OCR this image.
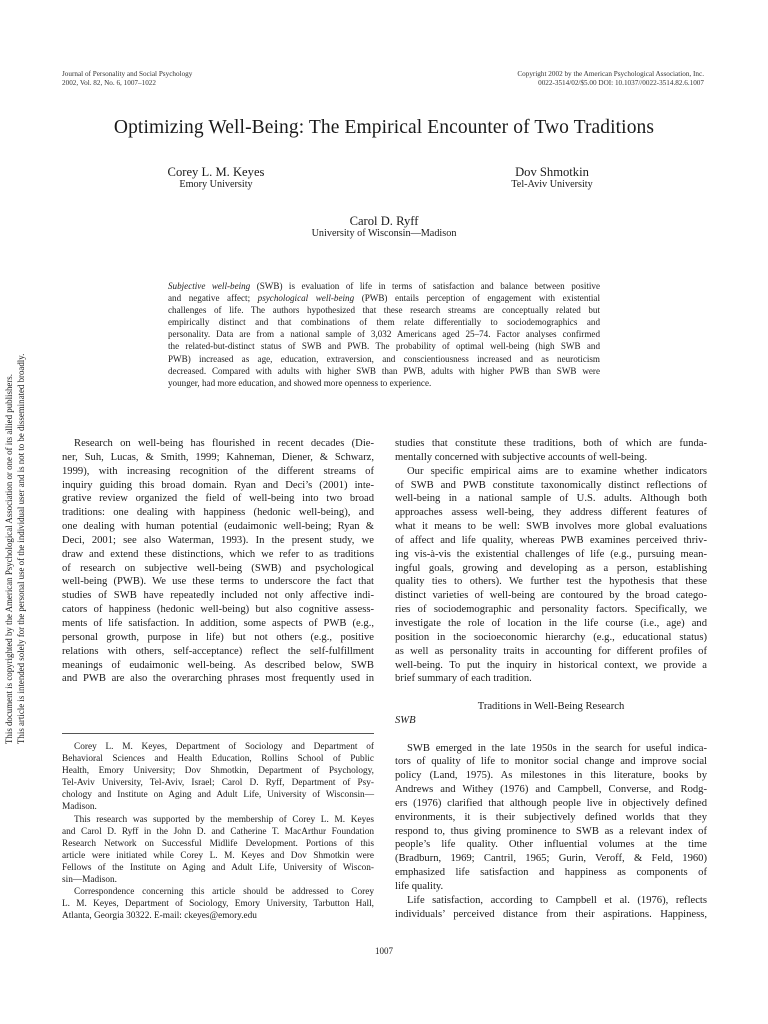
Journal of Personality and Social Psychology
2002, Vol. 82, No. 6, 1007–1022
Copyright 2002 by the American Psychological Association, Inc.
0022-3514/02/$5.00 DOI: 10.1037//0022-3514.82.6.1007
Optimizing Well-Being: The Empirical Encounter of Two Traditions
Corey L. M. Keyes
Emory University
Dov Shmotkin
Tel-Aviv University
Carol D. Ryff
University of Wisconsin—Madison
Subjective well-being (SWB) is evaluation of life in terms of satisfaction and balance between positive
and negative affect; psychological well-being (PWB) entails perception of engagement with existential
challenges of life. The authors hypothesized that these research streams are conceptually related but
empirically distinct and that combinations of them relate differentially to sociodemographics and
personality. Data are from a national sample of 3,032 Americans aged 25–74. Factor analyses confirmed
the related-but-distinct status of SWB and PWB. The probability of optimal well-being (high SWB and
PWB) increased as age, education, extraversion, and conscientiousness increased and as neuroticism
decreased. Compared with adults with higher SWB than PWB, adults with higher PWB than SWB were
younger, had more education, and showed more openness to experience.
Research on well-being has flourished in recent decades (Die-
ner, Suh, Lucas, & Smith, 1999; Kahneman, Diener, & Schwarz,
1999), with increasing recognition of the different streams of
inquiry guiding this broad domain. Ryan and Deci’s (2001) inte-
grative review organized the field of well-being into two broad
traditions: one dealing with happiness (hedonic well-being), and
one dealing with human potential (eudaimonic well-being; Ryan &
Deci, 2001; see also Waterman, 1993). In the present study, we
draw and extend these distinctions, which we refer to as traditions
of research on subjective well-being (SWB) and psychological
well-being (PWB). We use these terms to underscore the fact that
studies of SWB have repeatedly included not only affective indi-
cators of happiness (hedonic well-being) but also cognitive assess-
ments of life satisfaction. In addition, some aspects of PWB (e.g.,
personal growth, purpose in life) but not others (e.g., positive
relations with others, self-acceptance) reflect the self-fulfillment
meanings of eudaimonic well-being. As described below, SWB
and PWB are also the overarching phrases most frequently used in
Corey L. M. Keyes, Department of Sociology and Department of
Behavioral Sciences and Health Education, Rollins School of Public
Health, Emory University; Dov Shmotkin, Department of Psychology,
Tel-Aviv University, Tel-Aviv, Israel; Carol D. Ryff, Department of Psy-
chology and Institute on Aging and Adult Life, University of Wisconsin—
Madison.
This research was supported by the membership of Corey L. M. Keyes
and Carol D. Ryff in the John D. and Catherine T. MacArthur Foundation
Research Network on Successful Midlife Development. Portions of this
article were initiated while Corey L. M. Keyes and Dov Shmotkin were
Fellows of the Institute on Aging and Adult Life, University of Wiscon-
sin—Madison.
Correspondence concerning this article should be addressed to Corey
L. M. Keyes, Department of Sociology, Emory University, Tarbutton Hall,
Atlanta, Georgia 30322. E-mail: ckeyes@emory.edu
studies that constitute these traditions, both of which are funda-
mentally concerned with subjective accounts of well-being.
Our specific empirical aims are to examine whether indicators
of SWB and PWB constitute taxonomically distinct reflections of
well-being in a national sample of U.S. adults. Although both
approaches assess well-being, they address different features of
what it means to be well: SWB involves more global evaluations
of affect and life quality, whereas PWB examines perceived thriv-
ing vis-à-vis the existential challenges of life (e.g., pursuing mean-
ingful goals, growing and developing as a person, establishing
quality ties to others). We further test the hypothesis that these
distinct varieties of well-being are contoured by the broad catego-
ries of sociodemographic and personality factors. Specifically, we
investigate the role of location in the life course (i.e., age) and
position in the socioeconomic hierarchy (e.g., educational status)
as well as personality traits in accounting for different profiles of
well-being. To put the inquiry in historical context, we provide a
brief summary of each tradition.
Traditions in Well-Being Research
SWB
SWB emerged in the late 1950s in the search for useful indica-
tors of quality of life to monitor social change and improve social
policy (Land, 1975). As milestones in this literature, books by
Andrews and Withey (1976) and Campbell, Converse, and Rodg-
ers (1976) clarified that although people live in objectively defined
environments, it is their subjectively defined worlds that they
respond to, thus giving prominence to SWB as a relevant index of
people’s life quality. Other influential volumes at the time
(Bradburn, 1969; Cantril, 1965; Gurin, Veroff, & Feld, 1960)
emphasized life satisfaction and happiness as components of
life quality.
Life satisfaction, according to Campbell et al. (1976), reflects
individuals’ perceived distance from their aspirations. Happiness,
This document is copyrighted by the American Psychological Association or one of its allied publishers. This article is intended solely for the personal use of the individual user and is not to be disseminated broadly.
1007
